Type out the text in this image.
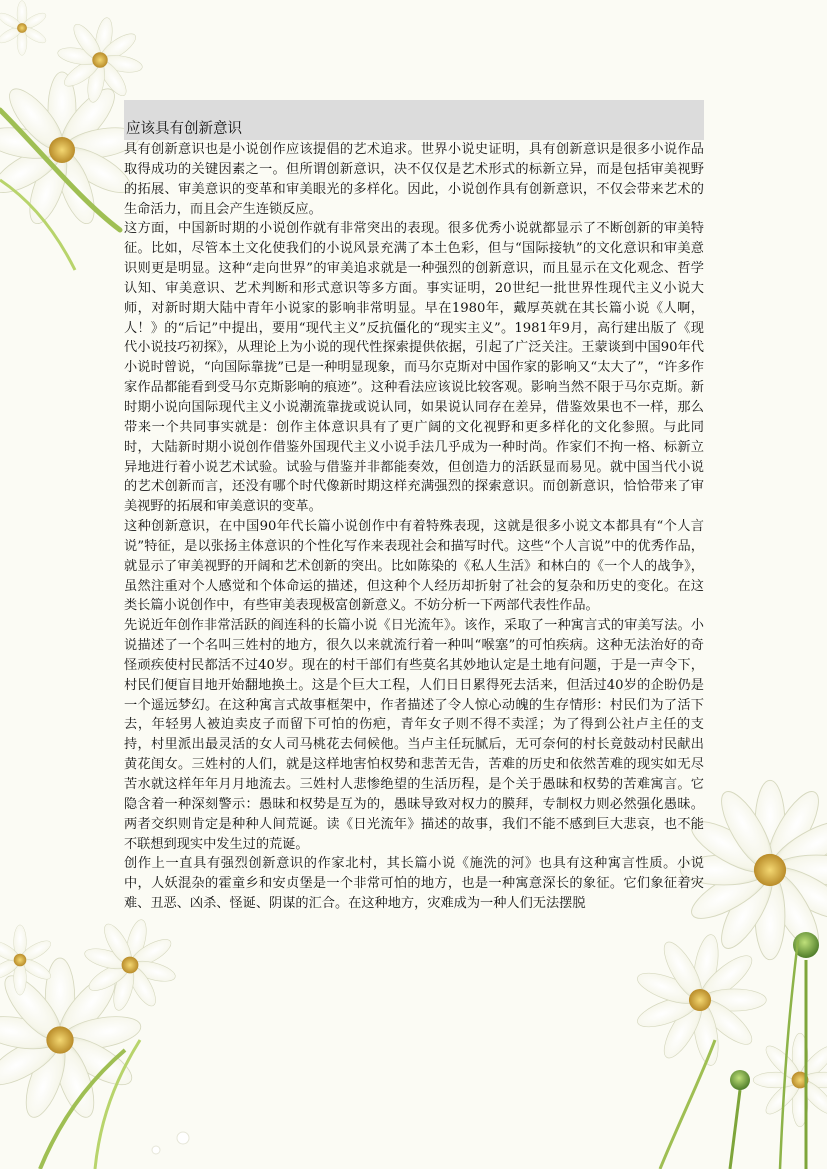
应该具有创新意识

具有创新意识也是小说创作应该提倡的艺术追求。世界小说史证明，具有创新意识是很多小说作品取得成功的关键因素之一。但所谓创新意识，决不仅仅是艺术形式的标新立异，而是包括审美视野的拓展、审美意识的变革和审美眼光的多样化。因此，小说创作具有创新意识，不仅会带来艺术的生命活力，而且会产生连锁反应。

这方面，中国新时期的小说创作就有非常突出的表现。很多优秀小说就都显示了不断创新的审美特征。比如，尽管本土文化使我们的小说风景充满了本土色彩，但与“国际接轨”的文化意识和审美意识则更是明显。这种“走向世界”的审美追求就是一种强烈的创新意识，而且显示在文化观念、哲学认知、审美意识、艺术判断和形式意识等多方面。事实证明，20世纪一批世界性现代主义小说大师，对新时期大陆中青年小说家的影响非常明显。早在1980年，戴厚英就在其长篇小说《人啊，人！》的“后记”中提出，要用“现代主义”反抗僵化的“现实主义”。1981年9月，高行建出版了《现代小说技巧初探》，从理论上为小说的现代性探索提供依据，引起了广泛关注。王蒙谈到中国90年代小说时曾说，“向国际靠拢”已是一种明显现象，而马尔克斯对中国作家的影响又“太大了”，“许多作家作品都能看到受马尔克斯影响的痕迹”。这种看法应该说比较客观。影响当然不限于马尔克斯。新时期小说向国际现代主义小说潮流靠拢或说认同，如果说认同存在差异，借鉴效果也不一样，那么带来一个共同事实就是：创作主体意识具有了更广阔的文化视野和更多样化的文化参照。与此同时，大陆新时期小说创作借鉴外国现代主义小说手法几乎成为一种时尚。作家们不拘一格、标新立异地进行着小说艺术试验。试验与借鉴并非都能奏效，但创造力的活跃显而易见。就中国当代小说的艺术创新而言，还没有哪个时代像新时期这样充满强烈的探索意识。而创新意识，恰恰带来了审美视野的拓展和审美意识的变革。

这种创新意识，在中国90年代长篇小说创作中有着特殊表现，这就是很多小说文本都具有“个人言说”特征，是以张扬主体意识的个性化写作来表现社会和描写时代。这些“个人言说”中的优秀作品，就显示了审美视野的开阔和艺术创新的突出。比如陈染的《私人生活》和林白的《一个人的战争》，虽然注重对个人感觉和个体命运的描述，但这种个人经历却折射了社会的复杂和历史的变化。在这类长篇小说创作中，有些审美表现极富创新意义。不妨分析一下两部代表性作品。

先说近年创作非常活跃的阎连科的长篇小说《日光流年》。该作，采取了一种寓言式的审美写法。小说描述了一个名叫三姓村的地方，很久以来就流行着一种叫“喉塞”的可怕疾病。这种无法治好的奇怪顽疾使村民都活不过40岁。现在的村干部们有些莫名其妙地认定是土地有问题，于是一声令下，村民们便盲目地开始翻地换土。这是个巨大工程，人们日日累得死去活来，但活过40岁的企盼仍是一个遥远梦幻。在这种寓言式故事框架中，作者描述了令人惊心动魄的生存情形：村民们为了活下去，年轻男人被迫卖皮子而留下可怕的伤疤，青年女子则不得不卖淫；为了得到公社卢主任的支持，村里派出最灵活的女人司马桃花去伺候他。当卢主任玩腻后，无可奈何的村长竟鼓动村民献出黄花闺女。三姓村的人们，就是这样地害怕权势和悲苦无告，苦难的历史和依然苦难的现实如无尽苦水就这样年年月月地流去。三姓村人悲惨绝望的生活历程，是个关于愚昧和权势的苦难寓言。它隐含着一种深刻警示：愚昧和权势是互为的，愚昧导致对权力的膜拜，专制权力则必然强化愚昧。两者交织则肯定是种种人间荒诞。读《日光流年》描述的故事，我们不能不感到巨大悲哀，也不能不联想到现实中发生过的荒诞。

创作上一直具有强烈创新意识的作家北村，其长篇小说《施洗的河》也具有这种寓言性质。小说中，人妖混杂的霍童乡和安贞堡是一个非常可怕的地方，也是一种寓意深长的象征。它们象征着灾难、丑恶、凶杀、怪诞、阴谋的汇合。在这种地方，灾难成为一种人们无法摆脱
